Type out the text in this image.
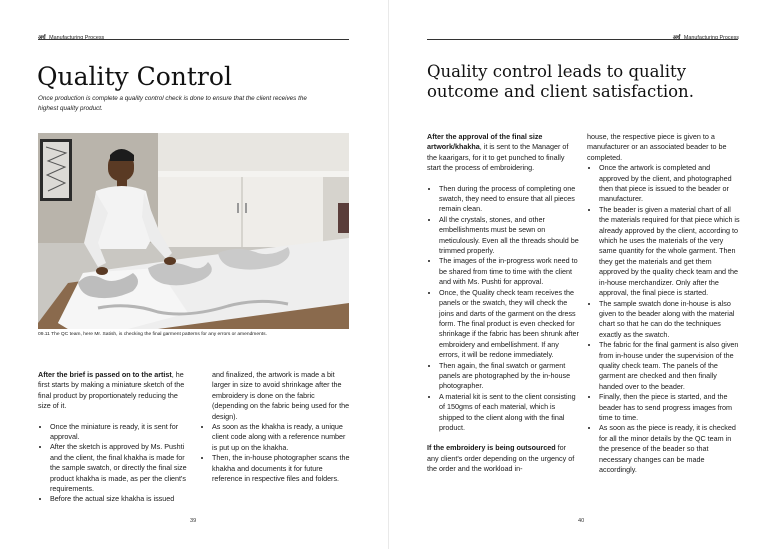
अर्थ Manufacturing Process
Quality Control
Once production is complete a quality control check is done to ensure that the client receives the highest quality product.
09.11 The QC team, here Mr. Satish, is checking the final garment patterns for any errors or amendments.

After the brief is passed on to the artist, he first starts by making a miniature sketch of the final product by proportionately reducing the size of it.

• Once the miniature is ready, it is sent for approval.
• After the sketch is approved by Ms. Pushti and the client, the final khakha is made for the sample swatch, or directly the final size product khakha is made, as per the client's requirements.
• Before the actual size khakha is issued
and finalized, the artwork is made a bit larger in size to avoid shrinkage after the embroidery is done on the fabric (depending on the fabric being used for the design).
• As soon as the khakha is ready, a unique client code along with a reference number is put up on the khakha.
• Then, the in-house photographer scans the khakha and documents it for future reference in respective files and folders.
39
अर्थ Manufacturing Process
Quality control leads to quality outcome and client satisfaction.

After the approval of the final size artwork/khakha, it is sent to the Manager of the kaarigars, for it to get punched to finally start the process of embroidering.

• Then during the process of completing one swatch, they need to ensure that all pieces remain clean.
• All the crystals, stones, and other embellishments must be sewn on meticulously. Even all the threads should be trimmed properly.
• The images of the in-progress work need to be shared from time to time with the client and with Ms. Pushti for approval.
• Once, the Quality check team receives the panels or the swatch, they will check the joins and darts of the garment on the dress form. The final product is even checked for shrinkage if the fabric has been shrunk after embroidery and embellishment. If any errors, it will be redone immediately.
• Then again, the final swatch or garment panels are photographed by the in-house photographer.
• A material kit is sent to the client consisting of 150gms of each material, which is shipped to the client along with the final product.

If the embroidery is being outsourced for any client's order depending on the urgency of the order and the workload in-

house, the respective piece is given to a manufacturer or an associated beader to be completed.

• Once the artwork is completed and approved by the client, and photographed then that piece is issued to the beader or manufacturer.
• The beader is given a material chart of all the materials required for that piece which is already approved by the client, according to which he uses the materials of the very same quantity for the whole garment. Then they get the materials and get them approved by the quality check team and the in-house merchandizer. Only after the approval, the final piece is started.
• The sample swatch done in-house is also given to the beader along with the material chart so that he can do the techniques exactly as the swatch.
• The fabric for the final garment is also given from in-house under the supervision of the quality check team. The panels of the garment are checked and then finally handed over to the beader.
• Finally, then the piece is started, and the beader has to send progress images from time to time.
• As soon as the piece is ready, it is checked for all the minor details by the QC team in the presence of the beader so that necessary changes can be made accordingly.
40
